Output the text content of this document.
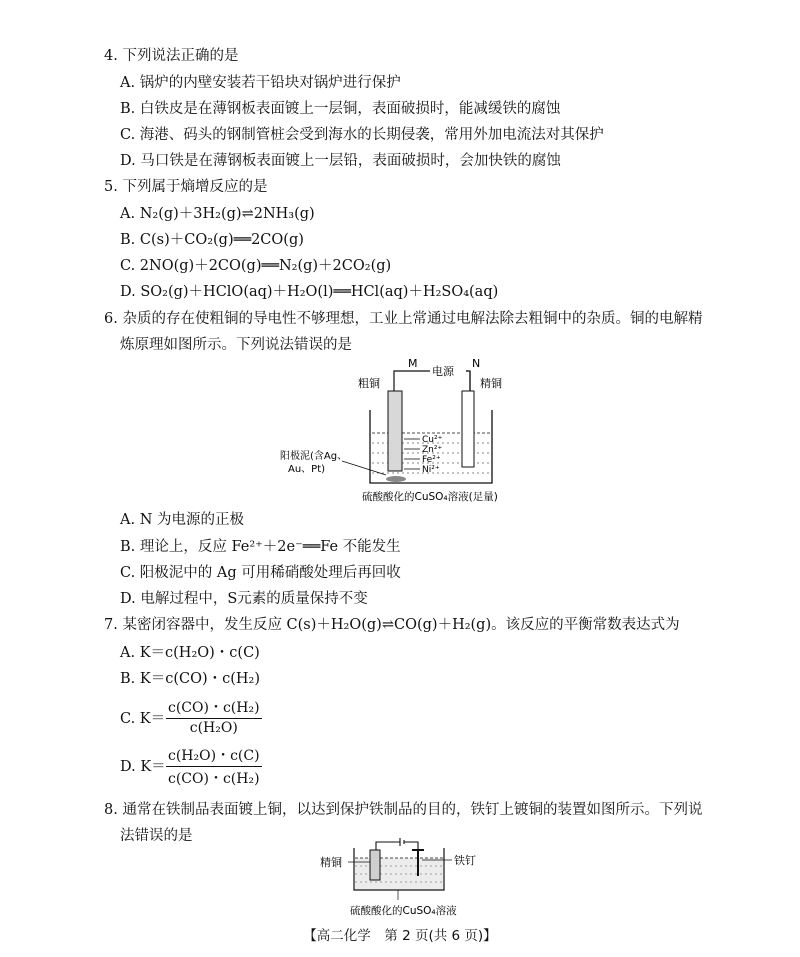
4. 下列说法正确的是
A. 锅炉的内壁安装若干铅块对锅炉进行保护
B. 白铁皮是在薄钢板表面镀上一层铜，表面破损时，能减缓铁的腐蚀
C. 海港、码头的钢制管桩会受到海水的长期侵袭，常用外加电流法对其保护
D. 马口铁是在薄钢板表面镀上一层铅，表面破损时，会加快铁的腐蚀
5. 下列属于熵增反应的是
A. N₂(g)＋3H₂(g)⇌2NH₃(g)
B. C(s)＋CO₂(g)══2CO(g)
C. 2NO(g)＋2CO(g)══N₂(g)＋2CO₂(g)
D. SO₂(g)＋HClO(aq)＋H₂O(l)══HCl(aq)＋H₂SO₄(aq)
6. 杂质的存在使粗铜的导电性不够理想，工业上常通过电解法除去粗铜中的杂质。铜的电解精
炼原理如图所示。下列说法错误的是
M	N
电源
粗铜	精铜
Cu²⁺
Zn²⁺
Fe²⁺
Ni²⁺
阳极泥(含Ag、
Au、Pt)
硫酸酸化的CuSO₄溶液(足量)
A. N 为电源的正极
B. 理论上，反应 Fe²⁺＋2e⁻══Fe 不能发生
C. 阳极泥中的 Ag 可用稀硝酸处理后再回收
D. 电解过程中，S元素的质量保持不变
7. 某密闭容器中，发生反应 C(s)＋H₂O(g)⇌CO(g)＋H₂(g)。该反应的平衡常数表达式为
A. K＝c(H₂O)・c(C)
B. K＝c(CO)・c(H₂)
C. $K= \frac{\text{c(CO)・c(H₂)}}{\text{c(H₂O)}}$
D. $K= \frac{\text{c(H₂O)・c(C)}}{\text{c(CO)・c(H₂)}}$
8. 通常在铁制品表面镀上铜，以达到保护铁制品的目的，铁钉上镀铜的装置如图所示。下列说
法错误的是
精铜	铁钉
硫酸酸化的CuSO₄溶液
【高二化学　第 2 页(共 6 页)】
